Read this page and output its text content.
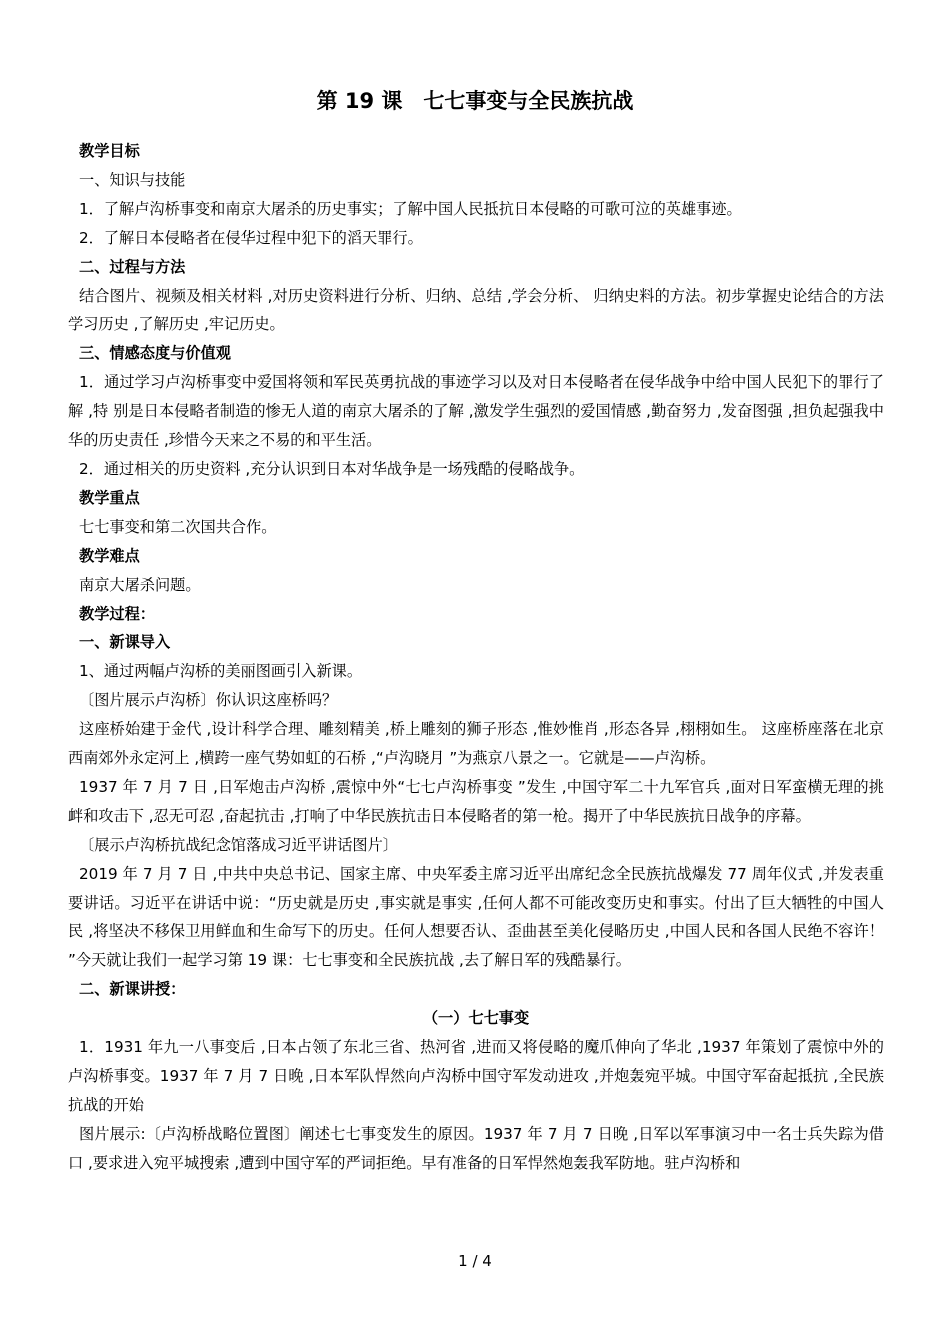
第 19 课　七七事变与全民族抗战

教学目标

一、知识与技能

1．了解卢沟桥事变和南京大屠杀的历史事实；了解中国人民抵抗日本侵略的可歌可泣的英雄事迹。

2．了解日本侵略者在侵华过程中犯下的滔天罪行。

二、过程与方法

结合图片、视频及相关材料 ,对历史资料进行分析、归纳、总结 ,学会分析、 归纳史料的方法。初步掌握史论结合的方法学习历史 ,了解历史 ,牢记历史。

三、情感态度与价值观

1．通过学习卢沟桥事变中爱国将领和军民英勇抗战的事迹学习以及对日本侵略者在侵华战争中给中国人民犯下的罪行了解 ,特 别是日本侵略者制造的惨无人道的南京大屠杀的了解 ,激发学生强烈的爱国情感 ,勤奋努力 ,发奋图强 ,担负起强我中华的历史责任 ,珍惜今天来之不易的和平生活。

2．通过相关的历史资料 ,充分认识到日本对华战争是一场残酷的侵略战争。

教学重点

七七事变和第二次国共合作。

教学难点

南京大屠杀问题。

教学过程：

一、新课导入

1、通过两幅卢沟桥的美丽图画引入新课。

〔图片展示卢沟桥〕你认识这座桥吗？

这座桥始建于金代 ,设计科学合理、雕刻精美 ,桥上雕刻的狮子形态 ,惟妙惟肖 ,形态各异 ,栩栩如生。 这座桥座落在北京西南郊外永定河上 ,横跨一座气势如虹的石桥 ,“卢沟晓月 ”为燕京八景之一。它就是——卢沟桥。

1937 年 7 月 7 日 ,日军炮击卢沟桥 ,震惊中外“七七卢沟桥事变 ”发生 ,中国守军二十九军官兵 ,面对日军蛮横无理的挑衅和攻击下 ,忍无可忍 ,奋起抗击 ,打响了中华民族抗击日本侵略者的第一枪。揭开了中华民族抗日战争的序幕。

〔展示卢沟桥抗战纪念馆落成习近平讲话图片〕

2019 年 7 月 7 日 ,中共中央总书记、国家主席、中央军委主席习近平出席纪念全民族抗战爆发 77 周年仪式 ,并发表重要讲话。习近平在讲话中说：“历史就是历史 ,事实就是事实 ,任何人都不可能改变历史和事实。付出了巨大牺牲的中国人民 ,将坚决不移保卫用鲜血和生命写下的历史。任何人想要否认、歪曲甚至美化侵略历史 ,中国人民和各国人民绝不容许！ ”今天就让我们一起学习第 19 课：七七事变和全民族抗战 ,去了解日军的残酷暴行。

二、新课讲授：

（一）七七事变

1．1931 年九一八事变后 ,日本占领了东北三省、热河省 ,进而又将侵略的魔爪伸向了华北 ,1937 年策划了震惊中外的卢沟桥事变。1937 年 7 月 7 日晚 ,日本军队悍然向卢沟桥中国守军发动进攻 ,并炮轰宛平城。中国守军奋起抵抗 ,全民族抗战的开始

图片展示:〔卢沟桥战略位置图〕阐述七七事变发生的原因。1937 年 7 月 7 日晚 ,日军以军事演习中一名士兵失踪为借口 ,要求进入宛平城搜索 ,遭到中国守军的严词拒绝。早有准备的日军悍然炮轰我军防地。驻卢沟桥和

1 / 4
